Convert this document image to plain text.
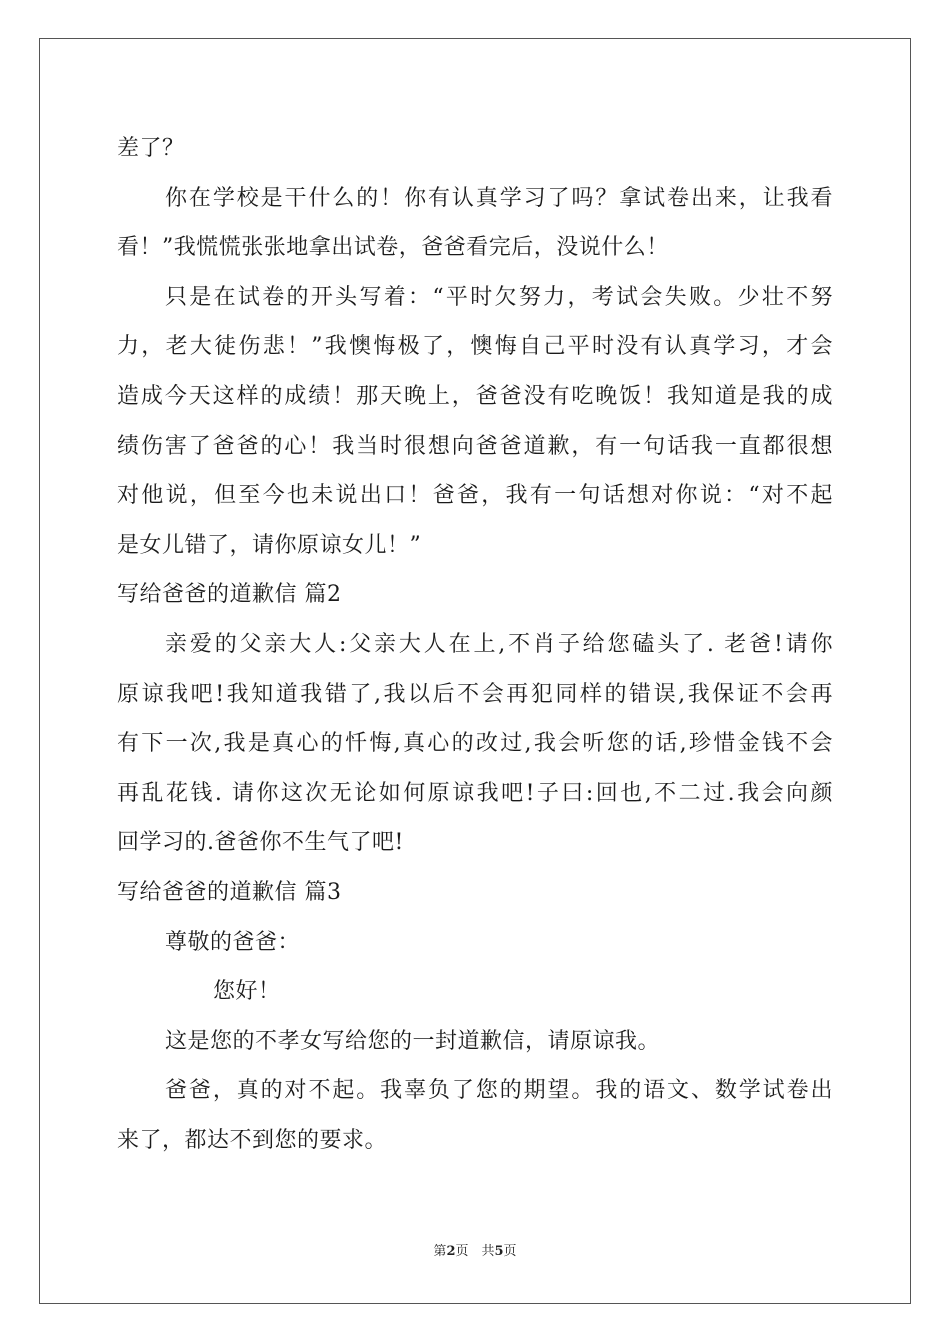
差了？
你在学校是干什么的！你有认真学习了吗？拿试卷出来，让我看
看！”我慌慌张张地拿出试卷，爸爸看完后，没说什么！
只是在试卷的开头写着：“平时欠努力，考试会失败。少壮不努
力，老大徒伤悲！”我懊悔极了，懊悔自己平时没有认真学习，才会
造成今天这样的成绩！那天晚上，爸爸没有吃晚饭！我知道是我的成
绩伤害了爸爸的心！我当时很想向爸爸道歉，有一句话我一直都很想
对他说，但至今也未说出口！爸爸，我有一句话想对你说：“对不起
是女儿错了，请你原谅女儿！”
写给爸爸的道歉信 篇2
亲爱的父亲大人:父亲大人在上,不肖子给您磕头了. 老爸!请你
原谅我吧!我知道我错了,我以后不会再犯同样的错误,我保证不会再
有下一次,我是真心的忏悔,真心的改过,我会听您的话,珍惜金钱不会
再乱花钱. 请你这次无论如何原谅我吧!子曰:回也,不二过.我会向颜
回学习的.爸爸你不生气了吧!
写给爸爸的道歉信 篇3
尊敬的爸爸：
您好！
这是您的不孝女写给您的一封道歉信，请原谅我。
爸爸，真的对不起。我辜负了您的期望。我的语文、数学试卷出
来了，都达不到您的要求。
第2页　共5页
